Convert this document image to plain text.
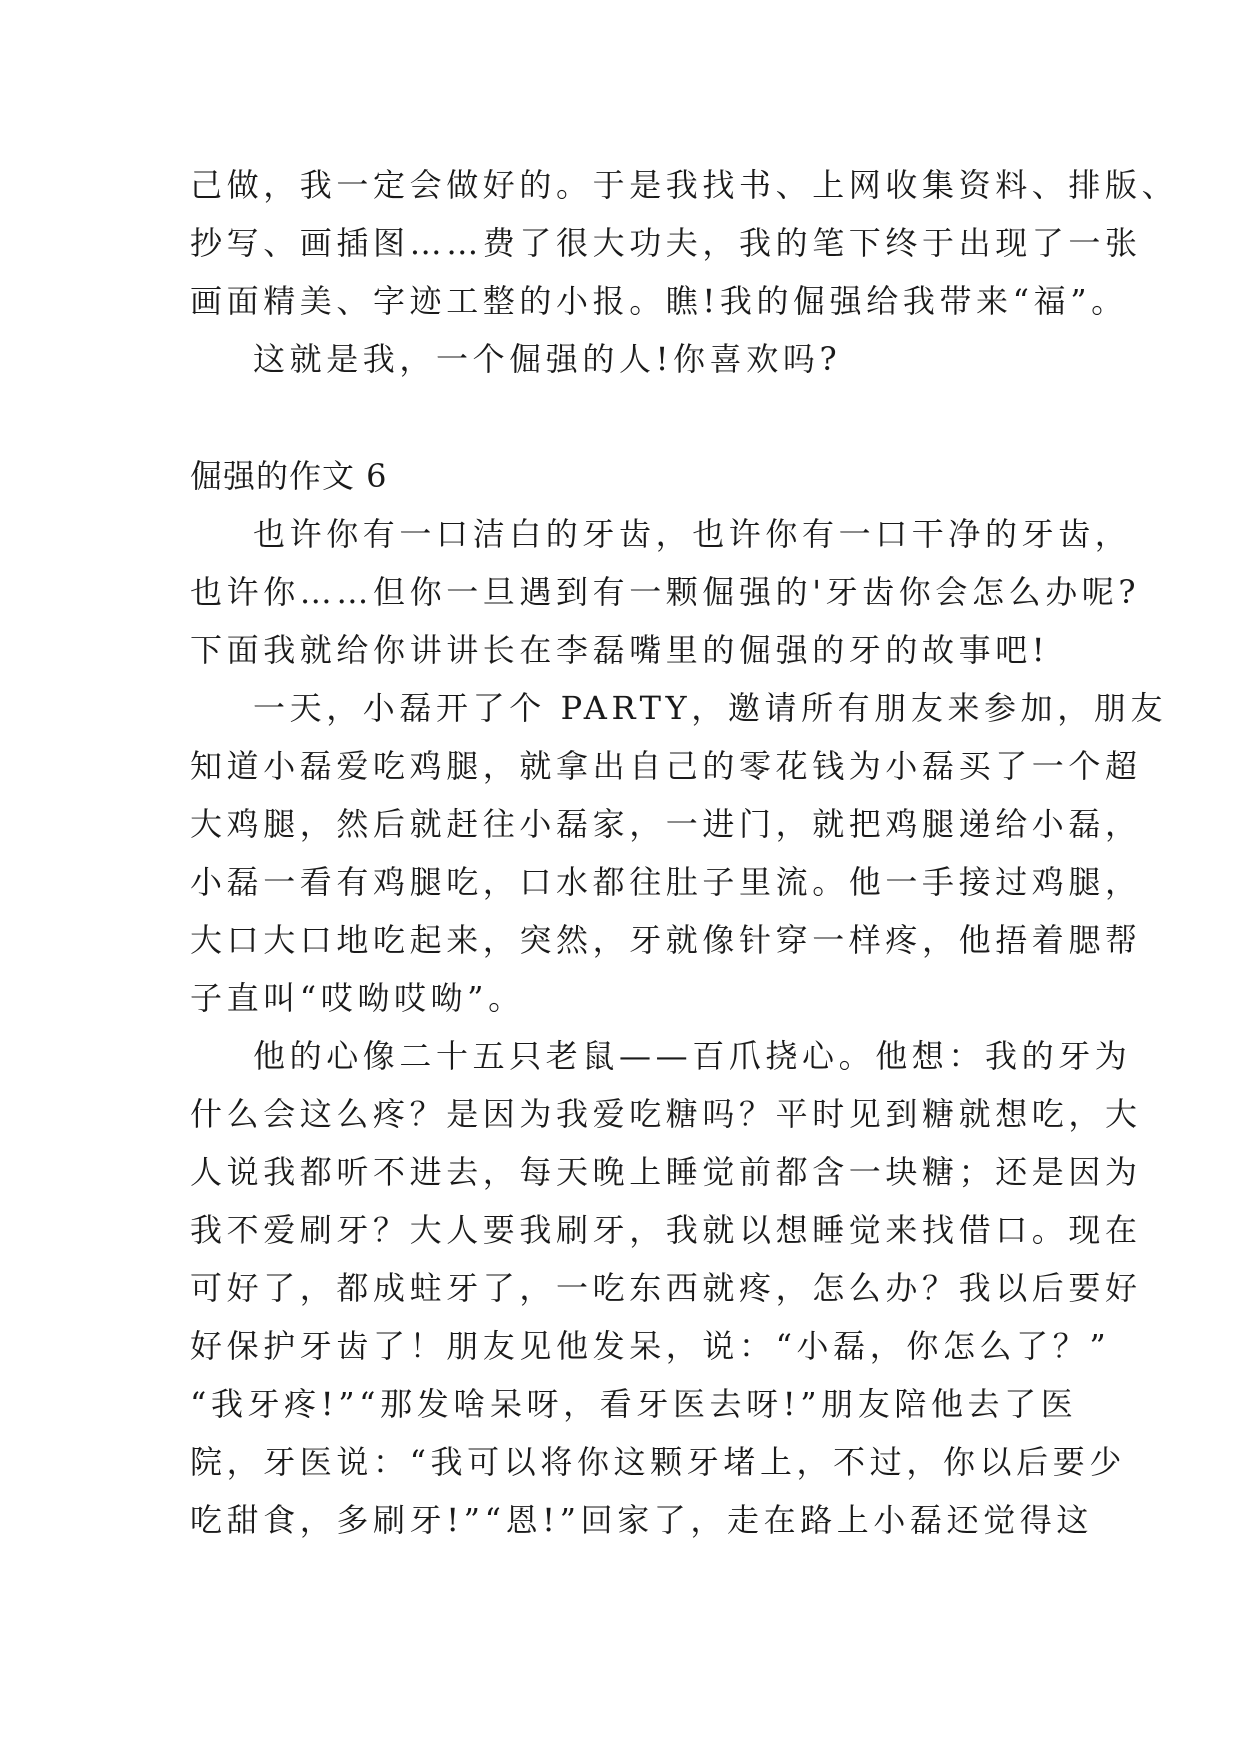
己做，我一定会做好的。于是我找书、上网收集资料、排版、
抄写、画插图……费了很大功夫，我的笔下终于出现了一张
画面精美、字迹工整的小报。瞧!我的倔强给我带来“福”。
这就是我，一个倔强的人!你喜欢吗?
倔强的作文 6
也许你有一口洁白的牙齿，也许你有一口干净的牙齿，
也许你……但你一旦遇到有一颗倔强的'牙齿你会怎么办呢?
下面我就给你讲讲长在李磊嘴里的倔强的牙的故事吧!
一天，小磊开了个 PARTY，邀请所有朋友来参加，朋友
知道小磊爱吃鸡腿，就拿出自己的零花钱为小磊买了一个超
大鸡腿，然后就赶往小磊家，一进门，就把鸡腿递给小磊，
小磊一看有鸡腿吃，口水都往肚子里流。他一手接过鸡腿，
大口大口地吃起来，突然，牙就像针穿一样疼，他捂着腮帮
子直叫“哎呦哎呦”。
他的心像二十五只老鼠——百爪挠心。他想：我的牙为
什么会这么疼？是因为我爱吃糖吗？平时见到糖就想吃，大
人说我都听不进去，每天晚上睡觉前都含一块糖；还是因为
我不爱刷牙？大人要我刷牙，我就以想睡觉来找借口。现在
可好了，都成蛀牙了，一吃东西就疼，怎么办？我以后要好
好保护牙齿了！朋友见他发呆，说：“小磊，你怎么了？”
“我牙疼!”“那发啥呆呀，看牙医去呀!”朋友陪他去了医
院，牙医说：“我可以将你这颗牙堵上，不过，你以后要少
吃甜食，多刷牙!”“恩!”回家了，走在路上小磊还觉得这
